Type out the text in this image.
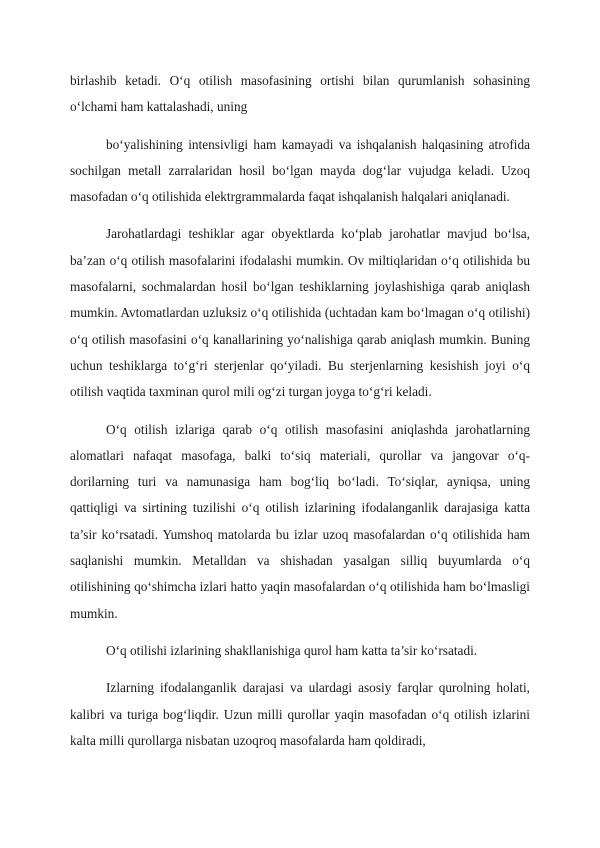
birlashib ketadi. O‘q otilish masofasining ortishi bilan qurumlanish sohasining o‘lchami ham kattalashadi, uning

bo‘yalishining intensivligi ham kamayadi va ishqalanish halqasining atrofida sochilgan metall zarralaridan hosil bo‘lgan mayda dog‘lar vujudga keladi. Uzoq masofadan o‘q otilishida elektrgrammalarda faqat ishqalanish halqalari aniqlanadi.

Jarohatlardagi teshiklar agar obyektlarda ko‘plab jarohatlar mavjud bo‘lsa, ba’zan o‘q otilish masofalarini ifodalashi mumkin. Ov miltiqlaridan o‘q otilishida bu masofalarni, sochmalardan hosil bo‘lgan teshiklarning joylashishiga qarab aniqlash mumkin. Avtomatlardan uzluksiz o‘q otilishida (uchtadan kam bo‘lmagan o‘q otilishi) o‘q otilish masofasini o‘q kanallarining yo‘nalishiga qarab aniqlash mumkin. Buning uchun teshiklarga to‘g‘ri sterjenlar qo‘yiladi. Bu sterjenlarning kesishish joyi o‘q otilish vaqtida taxminan qurol mili og‘zi turgan joyga to‘g‘ri keladi.

O‘q otilish izlariga qarab o‘q otilish masofasini aniqlashda jarohatlarning alomatlari nafaqat masofaga, balki to‘siq materiali, qurollar va jangovar o‘q-dorilarning turi va namunasiga ham bog‘liq bo‘ladi. To‘siqlar, ayniqsa, uning qattiqligi va sirtining tuzilishi o‘q otilish izlarining ifodalanganlik darajasiga katta ta’sir ko‘rsatadi. Yumshoq matolarda bu izlar uzoq masofalardan o‘q otilishida ham saqlanishi mumkin. Metalldan va shishadan yasalgan silliq buyumlarda o‘q otilishining qo‘shimcha izlari hatto yaqin masofalardan o‘q otilishida ham bo‘lmasligi mumkin.

O‘q otilishi izlarining shakllanishiga qurol ham katta ta’sir ko‘rsatadi.

Izlarning ifodalanganlik darajasi va ulardagi asosiy farqlar qurolning holati, kalibri va turiga bog‘liqdir. Uzun milli qurollar yaqin masofadan o‘q otilish izlarini kalta milli qurollarga nisbatan uzoqroq masofalarda ham qoldiradi,
